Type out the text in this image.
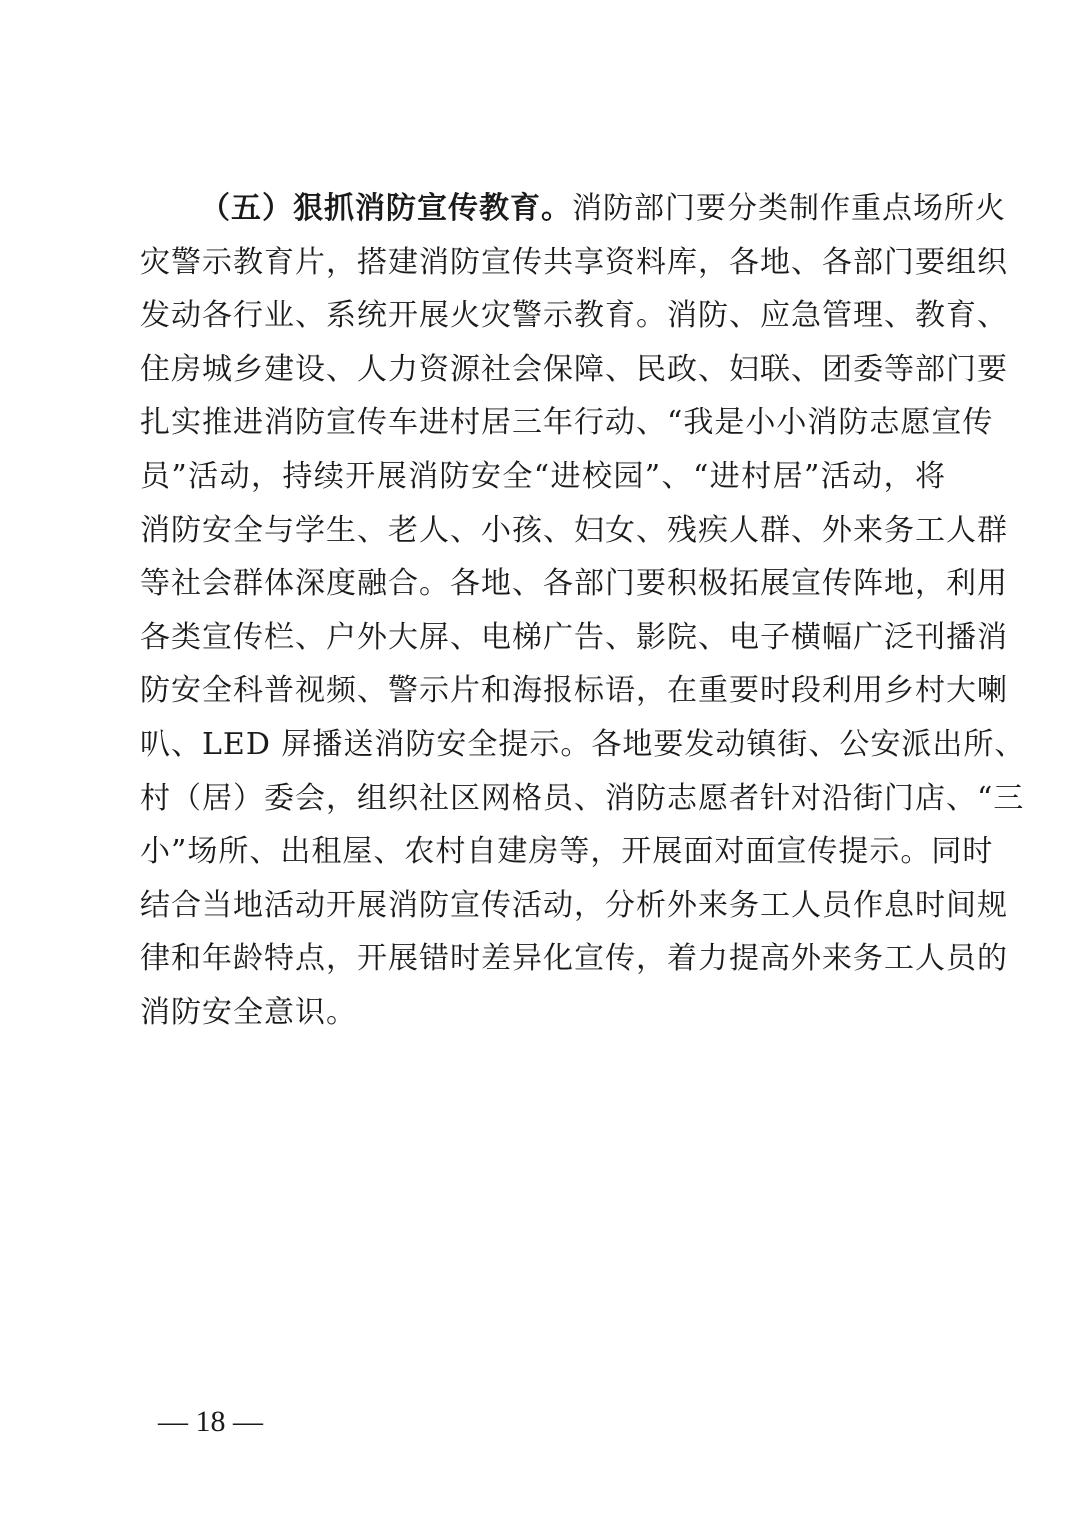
（五）狠抓消防宣传教育。消防部门要分类制作重点场所火
灾警示教育片，搭建消防宣传共享资料库，各地、各部门要组织
发动各行业、系统开展火灾警示教育。消防、应急管理、教育、
住房城乡建设、人力资源社会保障、民政、妇联、团委等部门要
扎实推进消防宣传车进村居三年行动、“我是小小消防志愿宣传
员”活动，持续开展消防安全“进校园”、“进村居”活动，将
消防安全与学生、老人、小孩、妇女、残疾人群、外来务工人群
等社会群体深度融合。各地、各部门要积极拓展宣传阵地，利用
各类宣传栏、户外大屏、电梯广告、影院、电子横幅广泛刊播消
防安全科普视频、警示片和海报标语，在重要时段利用乡村大喇
叭、LED 屏播送消防安全提示。各地要发动镇街、公安派出所、
村（居）委会，组织社区网格员、消防志愿者针对沿街门店、“三
小”场所、出租屋、农村自建房等，开展面对面宣传提示。同时
结合当地活动开展消防宣传活动，分析外来务工人员作息时间规
律和年龄特点，开展错时差异化宣传，着力提高外来务工人员的
消防安全意识。
— 18 —
